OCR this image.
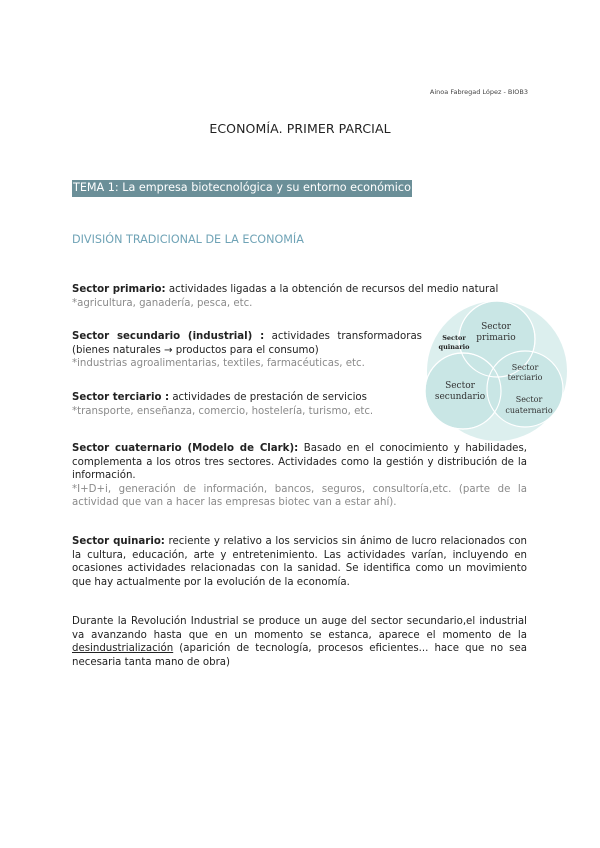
Ainoa Fabregad López - BIOB3
ECONOMÍA. PRIMER PARCIAL
TEMA 1: La empresa biotecnológica y su entorno económico
DIVISIÓN TRADICIONAL DE LA ECONOMÍA
Sector primario: actividades ligadas a la obtención de recursos del medio natural
*agricultura, ganadería, pesca, etc.
Sector secundario (industrial) : actividades transformadoras (bienes naturales → productos para el consumo)
*industrias agroalimentarias, textiles, farmacéuticas, etc.
Sector terciario : actividades de prestación de servicios
*transporte, enseñanza, comercio, hostelería, turismo, etc.
Sector cuaternario (Modelo de Clark): Basado en el conocimiento y habilidades, complementa a los otros tres sectores. Actividades como la gestión y distribución de la información.
*I+D+i, generación de información, bancos, seguros, consultoría,etc. (parte de la actividad que van a hacer las empresas biotec van a estar ahí).
Sector quinario: reciente y relativo a los servicios sin ánimo de lucro relacionados con la cultura, educación, arte y entretenimiento. Las actividades varían, incluyendo en ocasiones actividades relacionadas con la sanidad. Se identifica como un movimiento que hay actualmente por la evolución de la economía.
Durante la Revolución Industrial se produce un auge del sector secundario,el industrial va avanzando hasta que en un momento se estanca, aparece el momento de la desindustrialización (aparición de tecnología, procesos eficientes... hace que no sea necesaria tanta mano de obra)
Sector
primario
Sector
quinario
Sector
terciario
Sector
secundario	Sector
cuaternario
